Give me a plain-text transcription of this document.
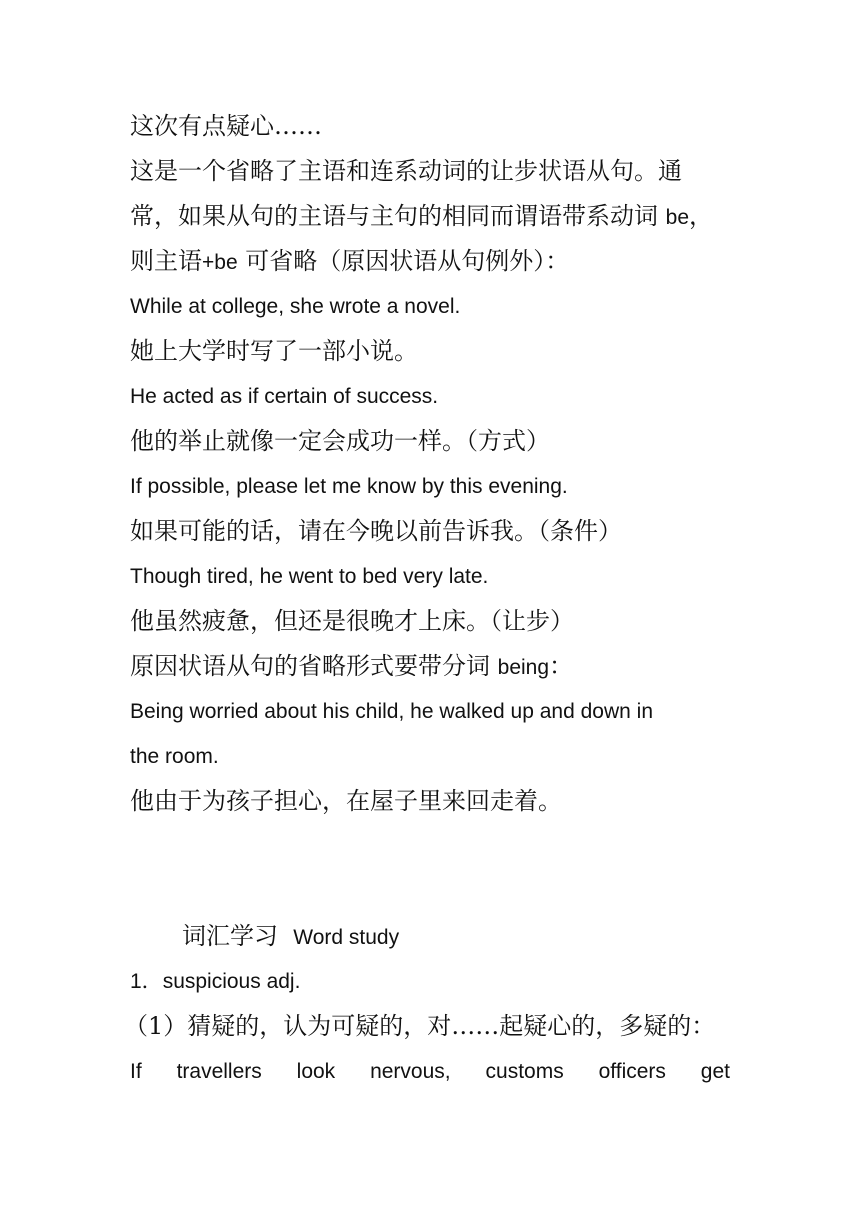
这次有点疑心……

这是一个省略了主语和连系动词的让步状语从句。通

常，如果从句的主语与主句的相同而谓语带系动词 be，

则主语+be 可省略（原因状语从句例外）：

While at college, she wrote a novel.

她上大学时写了一部小说。

He acted as if certain of success.

他的举止就像一定会成功一样。（方式）

If possible, please let me know by this evening.

如果可能的话，请在今晚以前告诉我。（条件）

Though tired, he went to bed very late.

他虽然疲惫，但还是很晚才上床。（让步）

原因状语从句的省略形式要带分词 being：

Being worried about his child, he walked up and down in

the room.

他由于为孩子担心，在屋子里来回走着。

词汇学习 Word study

1．suspicious adj.

（1）猜疑的，认为可疑的，对……起疑心的，多疑的：

If travellers look nervous, customs officers get
